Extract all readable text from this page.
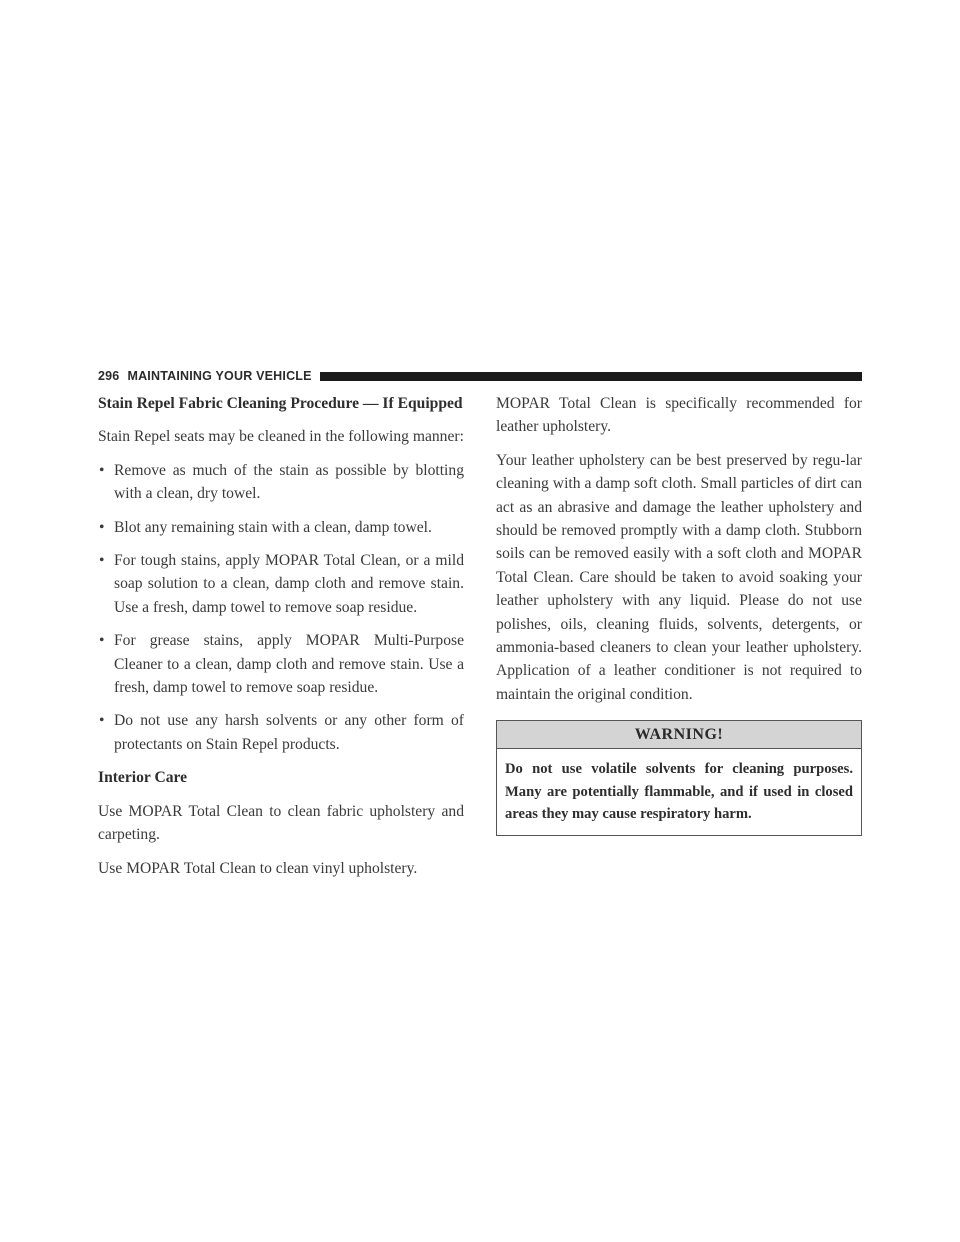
296 MAINTAINING YOUR VEHICLE
Stain Repel Fabric Cleaning Procedure — If Equipped

Stain Repel seats may be cleaned in the following manner:

• Remove as much of the stain as possible by blotting with a clean, dry towel.
• Blot any remaining stain with a clean, damp towel.
• For tough stains, apply MOPAR Total Clean, or a mild soap solution to a clean, damp cloth and remove stain. Use a fresh, damp towel to remove soap residue.
• For grease stains, apply MOPAR Multi-Purpose Cleaner to a clean, damp cloth and remove stain. Use a fresh, damp towel to remove soap residue.
• Do not use any harsh solvents or any other form of protectants on Stain Repel products.
Interior Care

Use MOPAR Total Clean to clean fabric upholstery and carpeting.

Use MOPAR Total Clean to clean vinyl upholstery.

MOPAR Total Clean is specifically recommended for leather upholstery.

Your leather upholstery can be best preserved by regu-lar cleaning with a damp soft cloth. Small particles of dirt can act as an abrasive and damage the leather upholstery and should be removed promptly with a damp cloth. Stubborn soils can be removed easily with a soft cloth and MOPAR Total Clean. Care should be taken to avoid soaking your leather upholstery with any liquid. Please do not use polishes, oils, cleaning fluids, solvents, detergents, or ammonia-based cleaners to clean your leather upholstery. Application of a leather conditioner is not required to maintain the original condition.

WARNING!
Do not use volatile solvents for cleaning purposes. Many are potentially flammable, and if used in closed areas they may cause respiratory harm.
